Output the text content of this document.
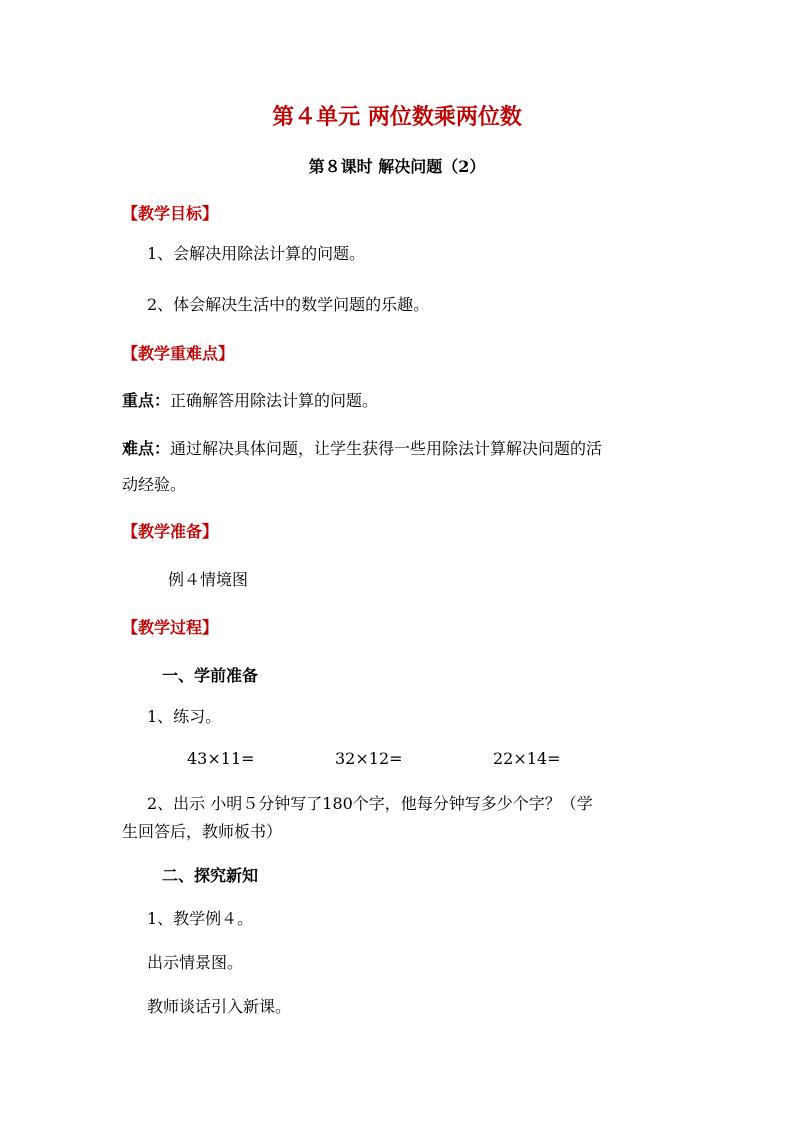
第４单元 两位数乘两位数
第８课时 解决问题（2）
【教学目标】
1、会解决用除法计算的问题。
2、体会解决生活中的数学问题的乐趣。
【教学重难点】
重点：正确解答用除法计算的问题。
难点：通过解决具体问题，让学生获得一些用除法计算解决问题的活
动经验。
【教学准备】
例４情境图
【教学过程】
一、学前准备
1、练习。
43×11=	32×12=	22×14=
2、出示 小明５分钟写了180个字，他每分钟写多少个字？（学
生回答后，教师板书）
二、探究新知
1、教学例４。
出示情景图。
教师谈话引入新课。
